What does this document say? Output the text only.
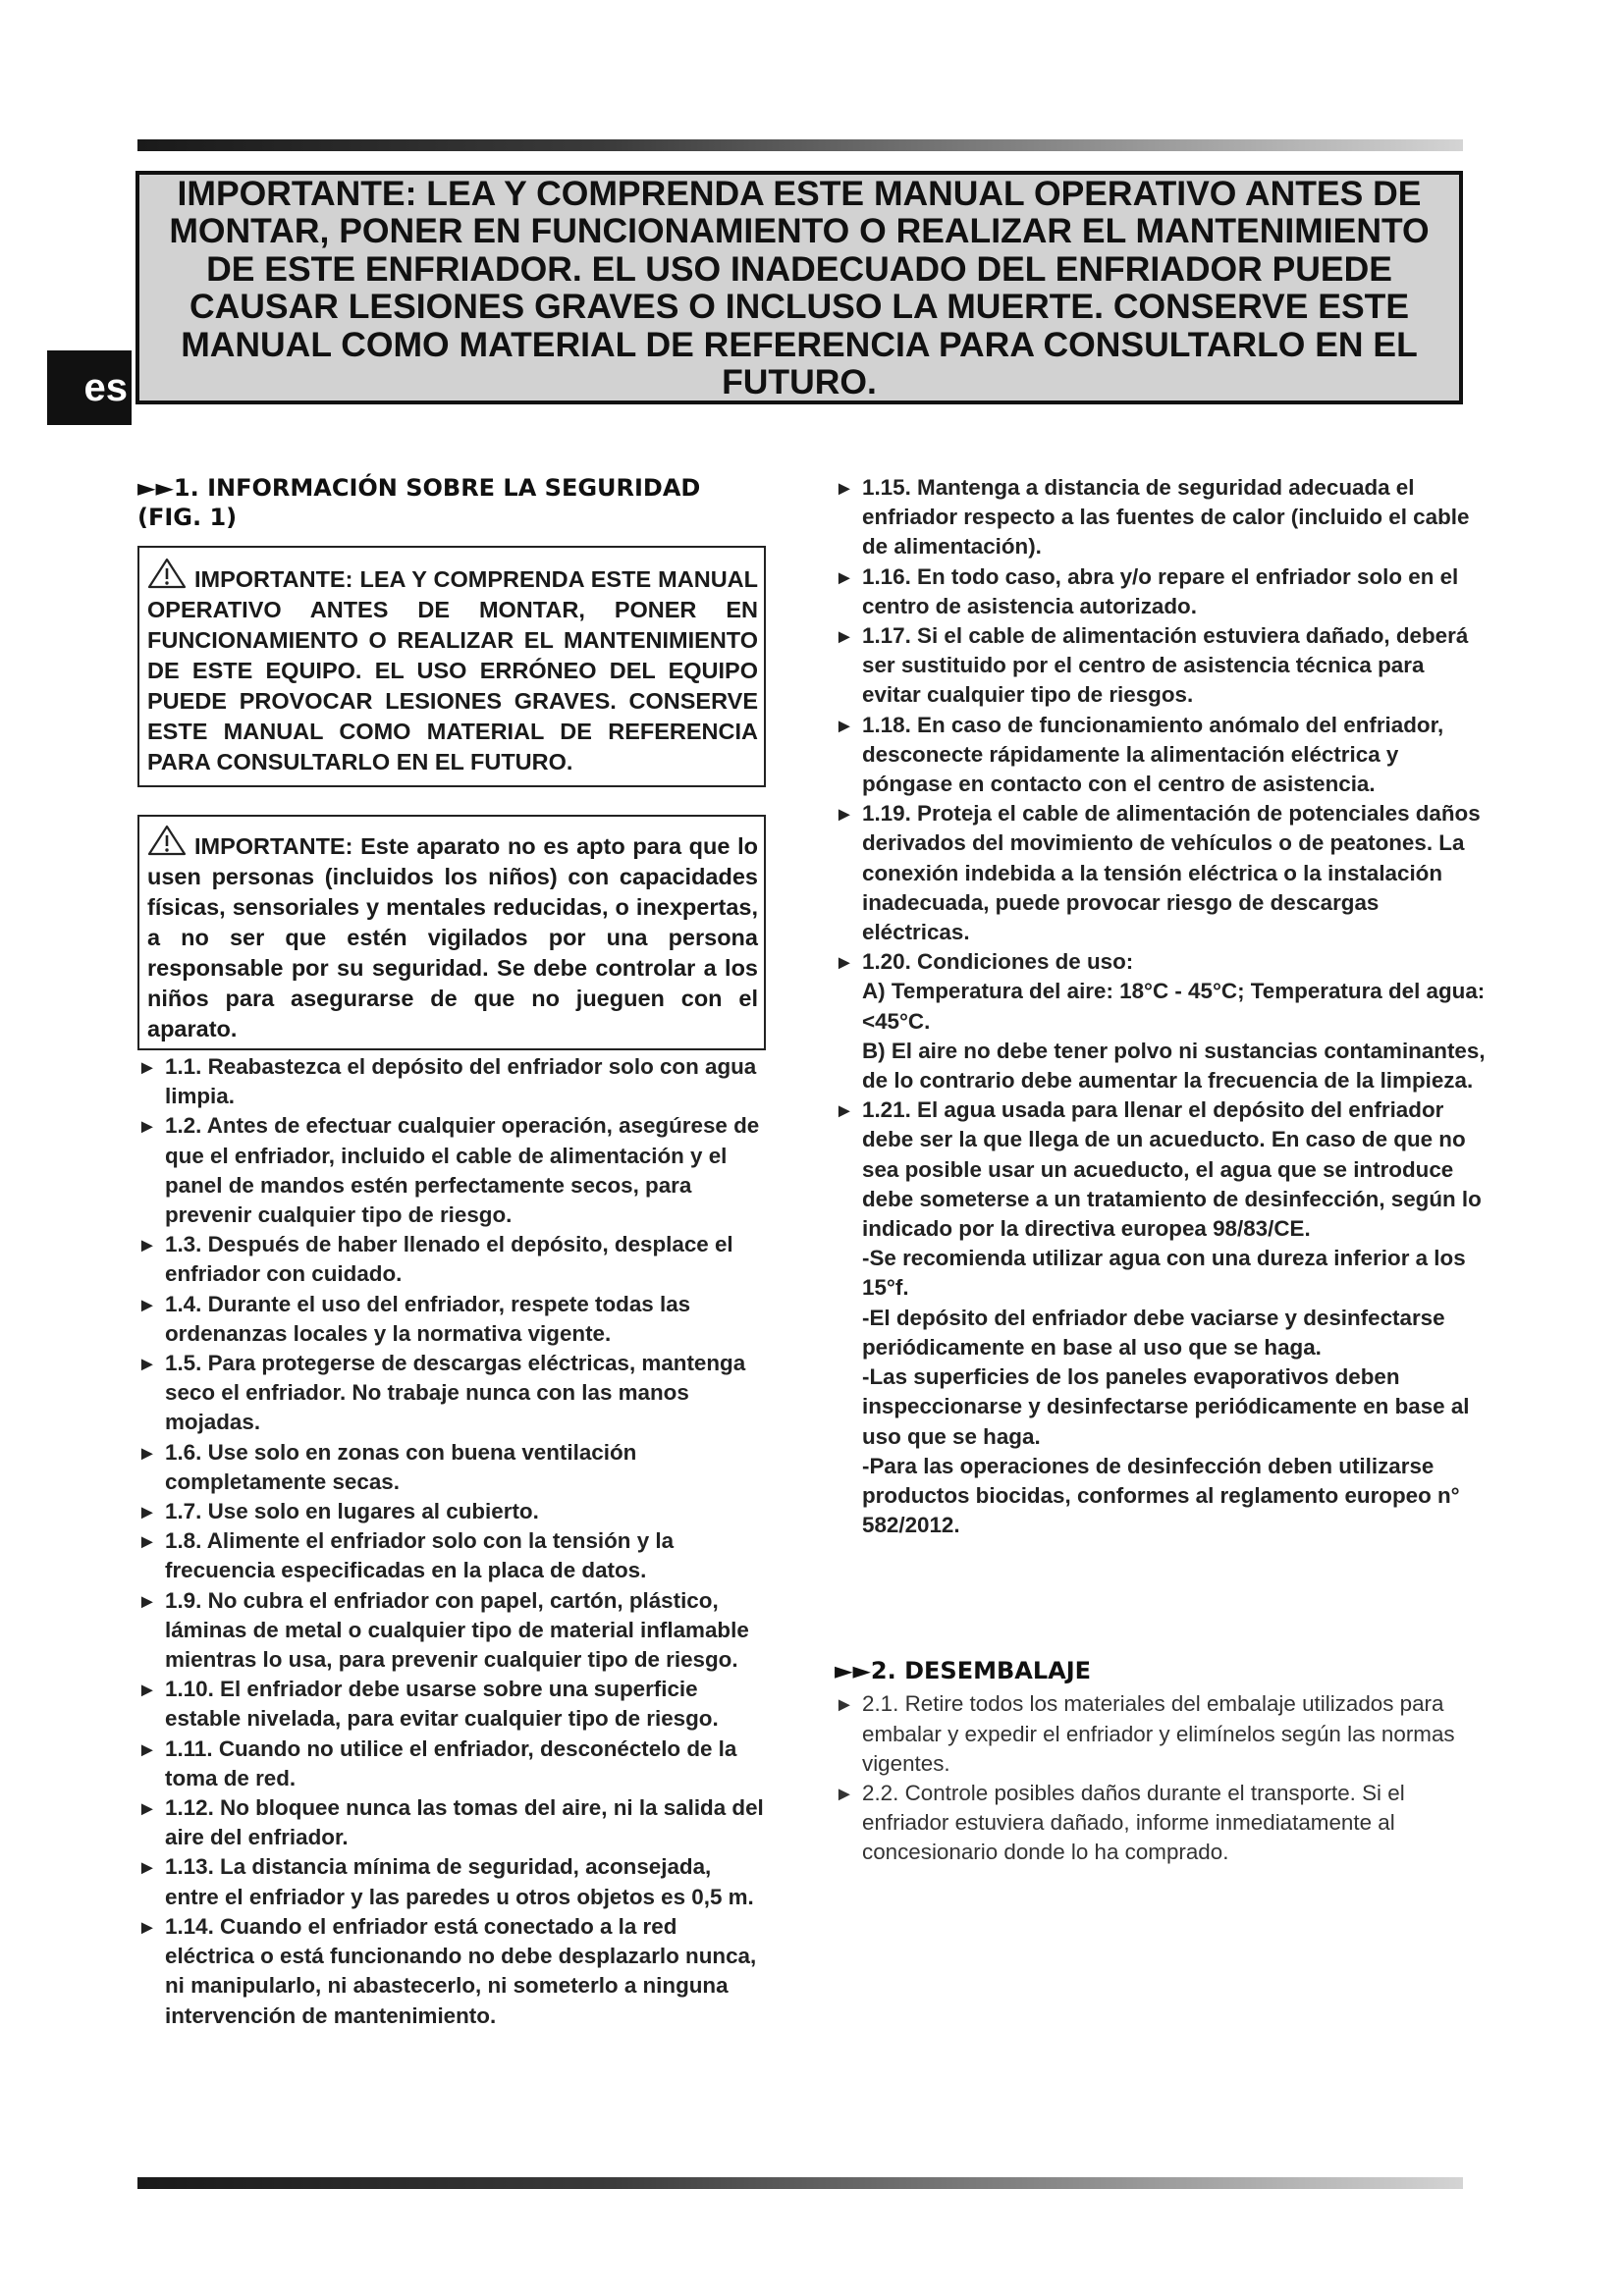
IMPORTANTE: LEA Y COMPRENDA ESTE MANUAL OPERATIVO ANTES DE MONTAR, PONER EN FUNCIONAMIENTO O REALIZAR EL MANTENIMIENTO DE ESTE ENFRIADOR. EL USO INADECUADO DEL ENFRIADOR PUEDE CAUSAR LESIONES GRAVES O INCLUSO LA MUERTE. CONSERVE ESTE MANUAL COMO MATERIAL DE REFERENCIA PARA CONSULTARLO EN EL FUTURO.

es
►►1. INFORMACIÓN SOBRE LA SEGURIDAD (FIG. 1)
IMPORTANTE: LEA Y COMPRENDA ESTE MANUAL OPERATIVO ANTES DE MONTAR, PONER EN FUNCIONAMIENTO O REALIZAR EL MANTENIMIENTO DE ESTE EQUIPO. EL USO ERRÓNEO DEL EQUIPO PUEDE PROVOCAR LESIONES GRAVES. CONSERVE ESTE MANUAL COMO MATERIAL DE REFERENCIA PARA CONSULTARLO EN EL FUTURO.
IMPORTANTE: Este aparato no es apto para que lo usen personas (incluidos los niños) con capacidades físicas, sensoriales y mentales reducidas, o inexpertas, a no ser que estén vigilados por una persona responsable por su seguridad. Se debe controlar a los niños para asegurarse de que no jueguen con el aparato.
► 1.1. Reabastezca el depósito del enfriador solo con agua limpia.
► 1.2. Antes de efectuar cualquier operación, asegúrese de que el enfriador, incluido el cable de alimentación y el panel de mandos estén perfectamente secos, para prevenir cualquier tipo de riesgo.
► 1.3. Después de haber llenado el depósito, desplace el enfriador con cuidado.
► 1.4. Durante el uso del enfriador, respete todas las ordenanzas locales y la normativa vigente.
► 1.5. Para protegerse de descargas eléctricas, mantenga seco el enfriador. No trabaje nunca con las manos mojadas.
► 1.6. Use solo en zonas con buena ventilación completamente secas.
► 1.7. Use solo en lugares al cubierto.
► 1.8. Alimente el enfriador solo con la tensión y la frecuencia especificadas en la placa de datos.
► 1.9. No cubra el enfriador con papel, cartón, plástico, láminas de metal o cualquier tipo de material inflamable mientras lo usa, para prevenir cualquier tipo de riesgo.
► 1.10. El enfriador debe usarse sobre una superficie estable nivelada, para evitar cualquier tipo de riesgo.
► 1.11. Cuando no utilice el enfriador, desconéctelo de la toma de red.
► 1.12. No bloquee nunca las tomas del aire, ni la salida del aire del enfriador.
► 1.13. La distancia mínima de seguridad, aconsejada, entre el enfriador y las paredes u otros objetos es 0,5 m.
► 1.14. Cuando el enfriador está conectado a la red eléctrica o está funcionando no debe desplazarlo nunca, ni manipularlo, ni abastecerlo, ni someterlo a ninguna intervención de mantenimiento.
► 1.15. Mantenga a distancia de seguridad adecuada el enfriador respecto a las fuentes de calor (incluido el cable de alimentación).
► 1.16. En todo caso, abra y/o repare el enfriador solo en el centro de asistencia autorizado.
► 1.17. Si el cable de alimentación estuviera dañado, deberá ser sustituido por el centro de asistencia técnica para evitar cualquier tipo de riesgos.
► 1.18. En caso de funcionamiento anómalo del enfriador, desconecte rápidamente la alimentación eléctrica y póngase en contacto con el centro de asistencia.
► 1.19. Proteja el cable de alimentación de potenciales daños derivados del movimiento de vehículos o de peatones. La conexión indebida a la tensión eléctrica o la instalación inadecuada, puede provocar riesgo de descargas eléctricas.
► 1.20. Condiciones de uso:

A) Temperatura del aire: 18°C - 45°C; Temperatura del agua: <45°C.

B) El aire no debe tener polvo ni sustancias contaminantes, de lo contrario debe aumentar la frecuencia de la limpieza.

► 1.21. El agua usada para llenar el depósito del enfriador debe ser la que llega de un acueducto. En caso de que no sea posible usar un acueducto, el agua que se introduce debe someterse a un tratamiento de desinfección, según lo indicado por la directiva europea 98/83/CE.

-Se recomienda utilizar agua con una dureza inferior a los 15°f.

-El depósito del enfriador debe vaciarse y desinfectarse periódicamente en base al uso que se haga.

-Las superficies de los paneles evaporativos deben inspeccionarse y desinfectarse periódicamente en base al uso que se haga.

-Para las operaciones de desinfección deben utilizarse productos biocidas, conformes al reglamento europeo n° 582/2012.

►►2. DESEMBALAJE
► 2.1. Retire todos los materiales del embalaje utilizados para embalar y expedir el enfriador y elimínelos según las normas vigentes.
► 2.2. Controle posibles daños durante el transporte. Si el enfriador estuviera dañado, informe inmediatamente al concesionario donde lo ha comprado.
